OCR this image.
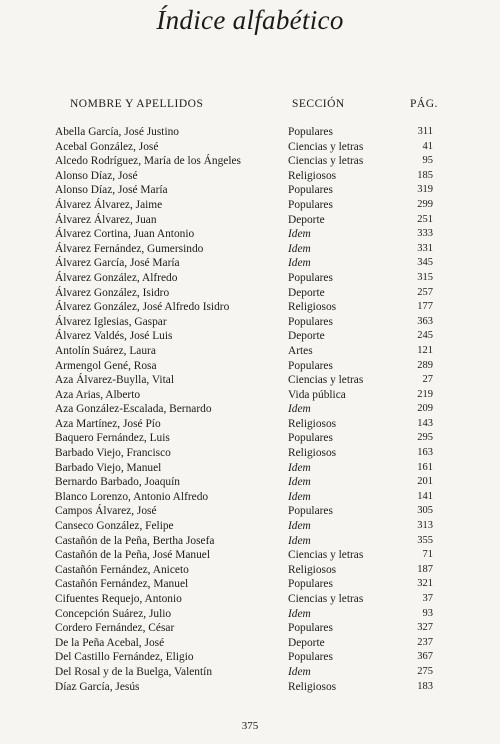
Índice alfabético
NOMBRE Y APELLIDOS	SECCIÓN	PÁG.
Abella García, José Justino	Populares	311
Acebal González, José	Ciencias y letras	41
Alcedo Rodríguez, María de los Ángeles	Ciencias y letras	95
Alonso Díaz, José	Religiosos	185
Alonso Díaz, José María	Populares	319
Álvarez Álvarez, Jaime	Populares	299
Álvarez Álvarez, Juan	Deporte	251
Álvarez Cortina, Juan Antonio	Idem	333
Álvarez Fernández, Gumersindo	Idem	331
Álvarez García, José María	Idem	345
Álvarez González, Alfredo	Populares	315
Álvarez González, Isidro	Deporte	257
Álvarez González, José Alfredo Isidro	Religiosos	177
Álvarez Iglesias, Gaspar	Populares	363
Álvarez Valdés, José Luis	Deporte	245
Antolín Suárez, Laura	Artes	121
Armengol Gené, Rosa	Populares	289
Aza Álvarez-Buylla, Vital	Ciencias y letras	27
Aza Arias, Alberto	Vida pública	219
Aza González-Escalada, Bernardo	Idem	209
Aza Martínez, José Pío	Religiosos	143
Baquero Fernández, Luis	Populares	295
Barbado Viejo, Francisco	Religiosos	163
Barbado Viejo, Manuel	Idem	161
Bernardo Barbado, Joaquín	Idem	201
Blanco Lorenzo, Antonio Alfredo	Idem	141
Campos Álvarez, José	Populares	305
Canseco González, Felipe	Idem	313
Castañón de la Peña, Bertha Josefa	Idem	355
Castañón de la Peña, José Manuel	Ciencias y letras	71
Castañón Fernández, Aniceto	Religiosos	187
Castañón Fernández, Manuel	Populares	321
Cifuentes Requejo, Antonio	Ciencias y letras	37
Concepción Suárez, Julio	Idem	93
Cordero Fernández, César	Populares	327
De la Peña Acebal, José	Deporte	237
Del Castillo Fernández, Eligio	Populares	367
Del Rosal y de la Buelga, Valentín	Idem	275
Díaz García, Jesús	Religiosos	183
375
